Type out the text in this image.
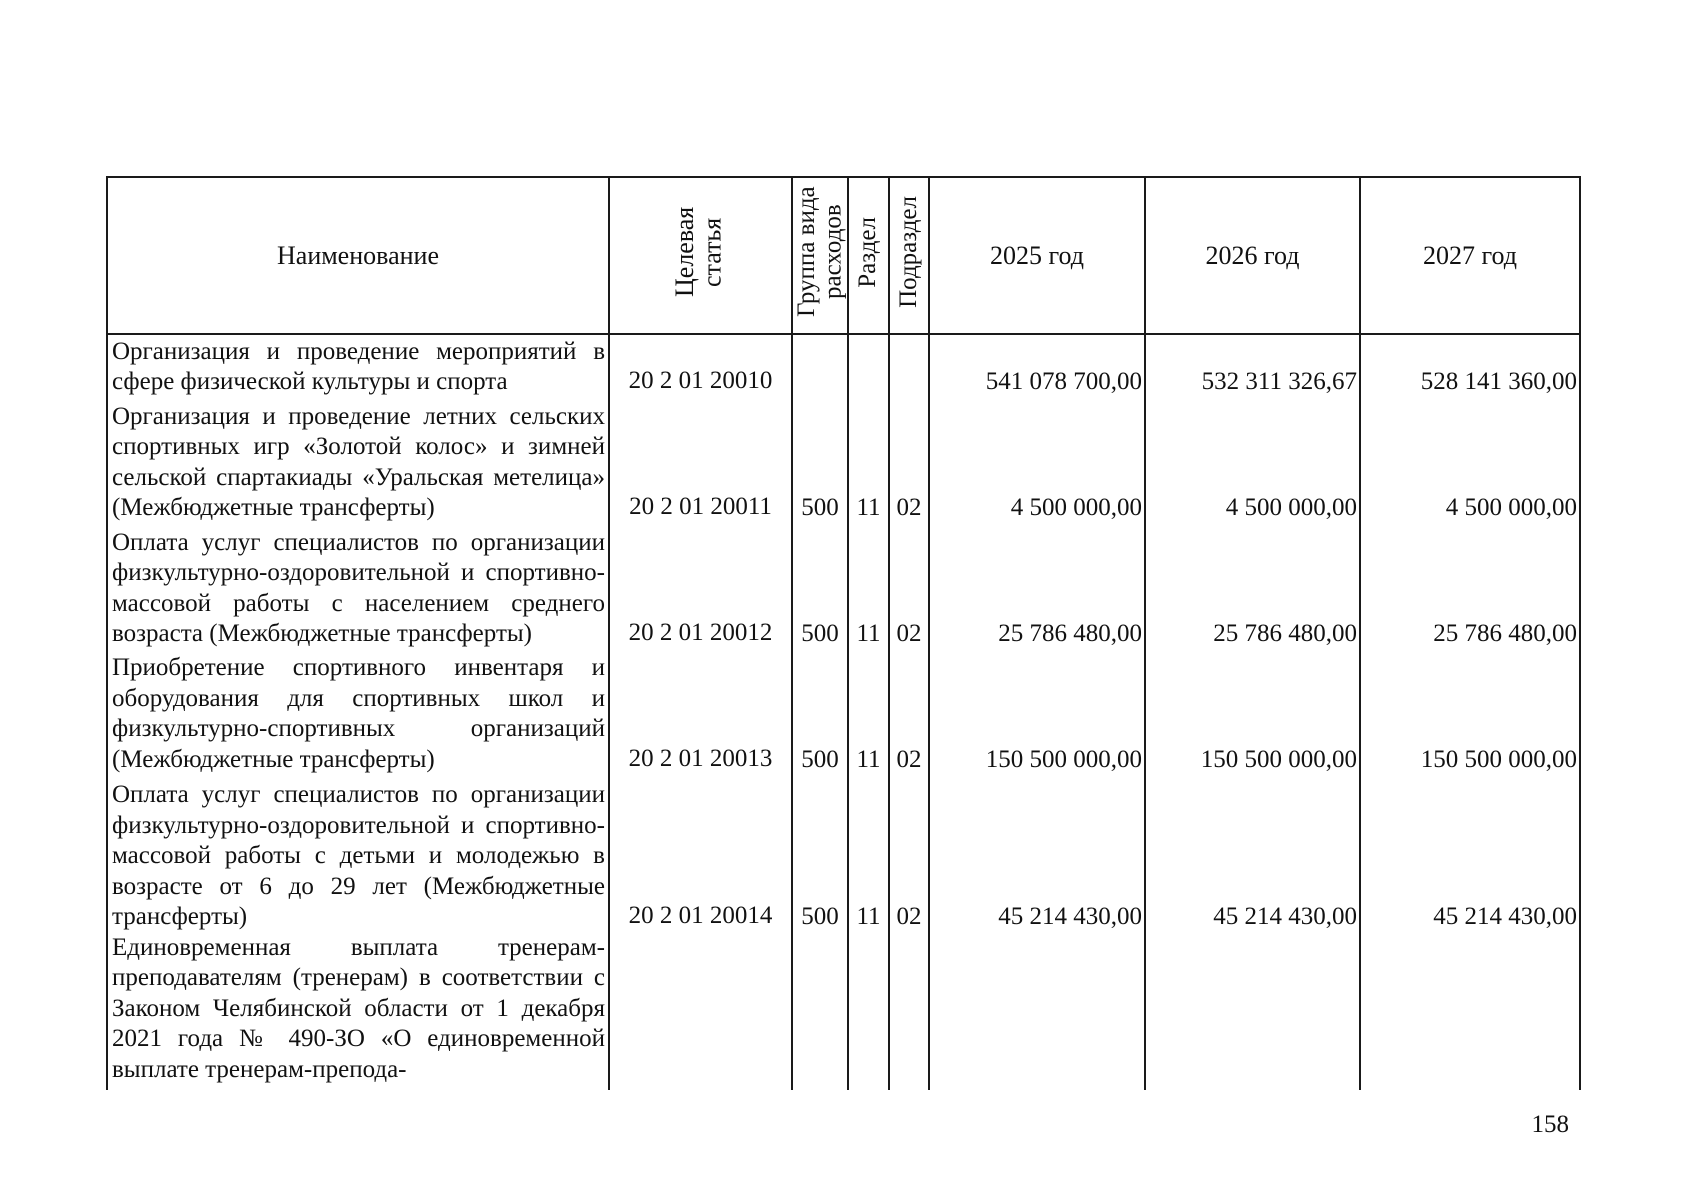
Наименование	Целевая статья	Группа вида расходов	Раздел	Подраздел	2025 год	2026 год	2027 год
Организация и проведение мероприятий в сфере физической культуры и спорта	20 2 01 20010				541 078 700,00	532 311 326,67	528 141 360,00
Организация и проведение летних сельских спортивных игр «Золотой колос» и зимней сельской спартакиады «Уральская метелица» (Межбюджетные трансферты)	20 2 01 20011	500	11	02	4 500 000,00	4 500 000,00	4 500 000,00
Оплата услуг специалистов по организации физкультурно-оздоровительной и спортивно-массовой работы с населением среднего возраста (Межбюджетные трансферты)	20 2 01 20012	500	11	02	25 786 480,00	25 786 480,00	25 786 480,00
Приобретение спортивного инвентаря и оборудования для спортивных школ и физкультурно-спортивных организаций (Межбюджетные трансферты)	20 2 01 20013	500	11	02	150 500 000,00	150 500 000,00	150 500 000,00
Оплата услуг специалистов по организации физкультурно-оздоровительной и спортивно-массовой работы с детьми и молодежью в возрасте от 6 до 29 лет (Межбюджетные трансферты)	20 2 01 20014	500	11	02	45 214 430,00	45 214 430,00	45 214 430,00
Единовременная выплата тренерам-преподавателям (тренерам) в соответствии с Законом Челябинской области от 1 декабря 2021 года № 490-ЗО «О единовременной выплате тренерам-препода-							
158
